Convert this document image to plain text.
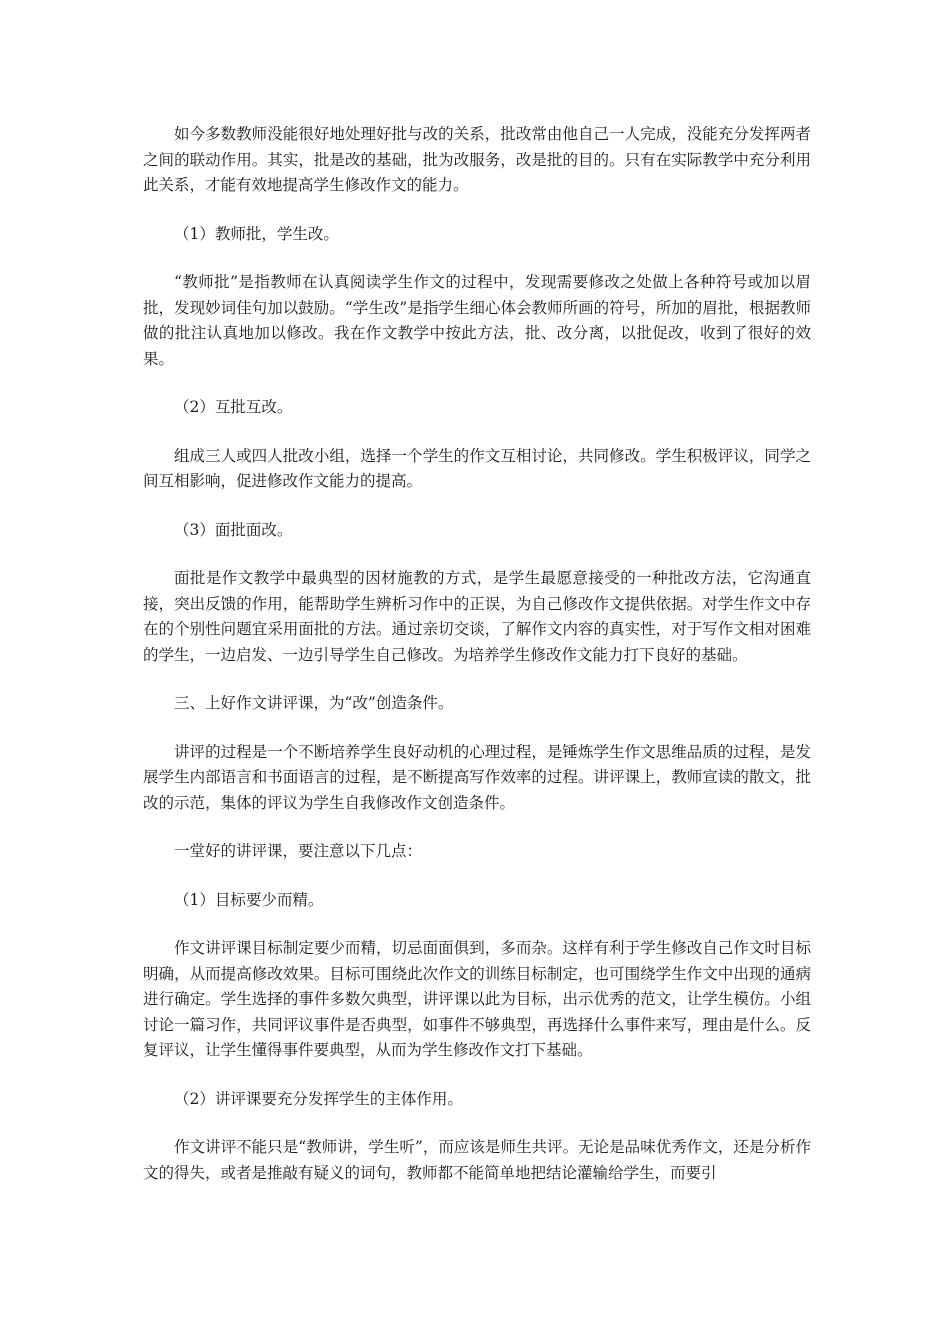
如今多数教师没能很好地处理好批与改的关系，批改常由他自己一人完成，没能充分发挥两者之间的联动作用。其实，批是改的基础，批为改服务，改是批的目的。只有在实际教学中充分利用此关系，才能有效地提高学生修改作文的能力。

（1）教师批，学生改。

“教师批”是指教师在认真阅读学生作文的过程中，发现需要修改之处做上各种符号或加以眉批，发现妙词佳句加以鼓励。“学生改”是指学生细心体会教师所画的符号，所加的眉批，根据教师做的批注认真地加以修改。我在作文教学中按此方法，批、改分离，以批促改，收到了很好的效果。

（2）互批互改。

组成三人或四人批改小组，选择一个学生的作文互相讨论，共同修改。学生积极评议，同学之间互相影响，促进修改作文能力的提高。

（3）面批面改。

面批是作文教学中最典型的因材施教的方式，是学生最愿意接受的一种批改方法，它沟通直接，突出反馈的作用，能帮助学生辨析习作中的正误，为自己修改作文提供依据。对学生作文中存在的个别性问题宜采用面批的方法。通过亲切交谈，了解作文内容的真实性，对于写作文相对困难的学生，一边启发、一边引导学生自己修改。为培养学生修改作文能力打下良好的基础。

三、上好作文讲评课，为“改”创造条件。

讲评的过程是一个不断培养学生良好动机的心理过程，是锤炼学生作文思维品质的过程，是发展学生内部语言和书面语言的过程，是不断提高写作效率的过程。讲评课上，教师宣读的散文，批改的示范，集体的评议为学生自我修改作文创造条件。

一堂好的讲评课，要注意以下几点：

（1）目标要少而精。

作文讲评课目标制定要少而精，切忌面面俱到，多而杂。这样有利于学生修改自己作文时目标明确，从而提高修改效果。目标可围绕此次作文的训练目标制定，也可围绕学生作文中出现的通病进行确定。学生选择的事件多数欠典型，讲评课以此为目标，出示优秀的范文，让学生模仿。小组讨论一篇习作，共同评议事件是否典型，如事件不够典型，再选择什么事件来写，理由是什么。反复评议，让学生懂得事件要典型，从而为学生修改作文打下基础。

（2）讲评课要充分发挥学生的主体作用。

作文讲评不能只是“教师讲，学生听”，而应该是师生共评。无论是品味优秀作文，还是分析作文的得失，或者是推敲有疑义的词句，教师都不能简单地把结论灌输给学生，而要引
